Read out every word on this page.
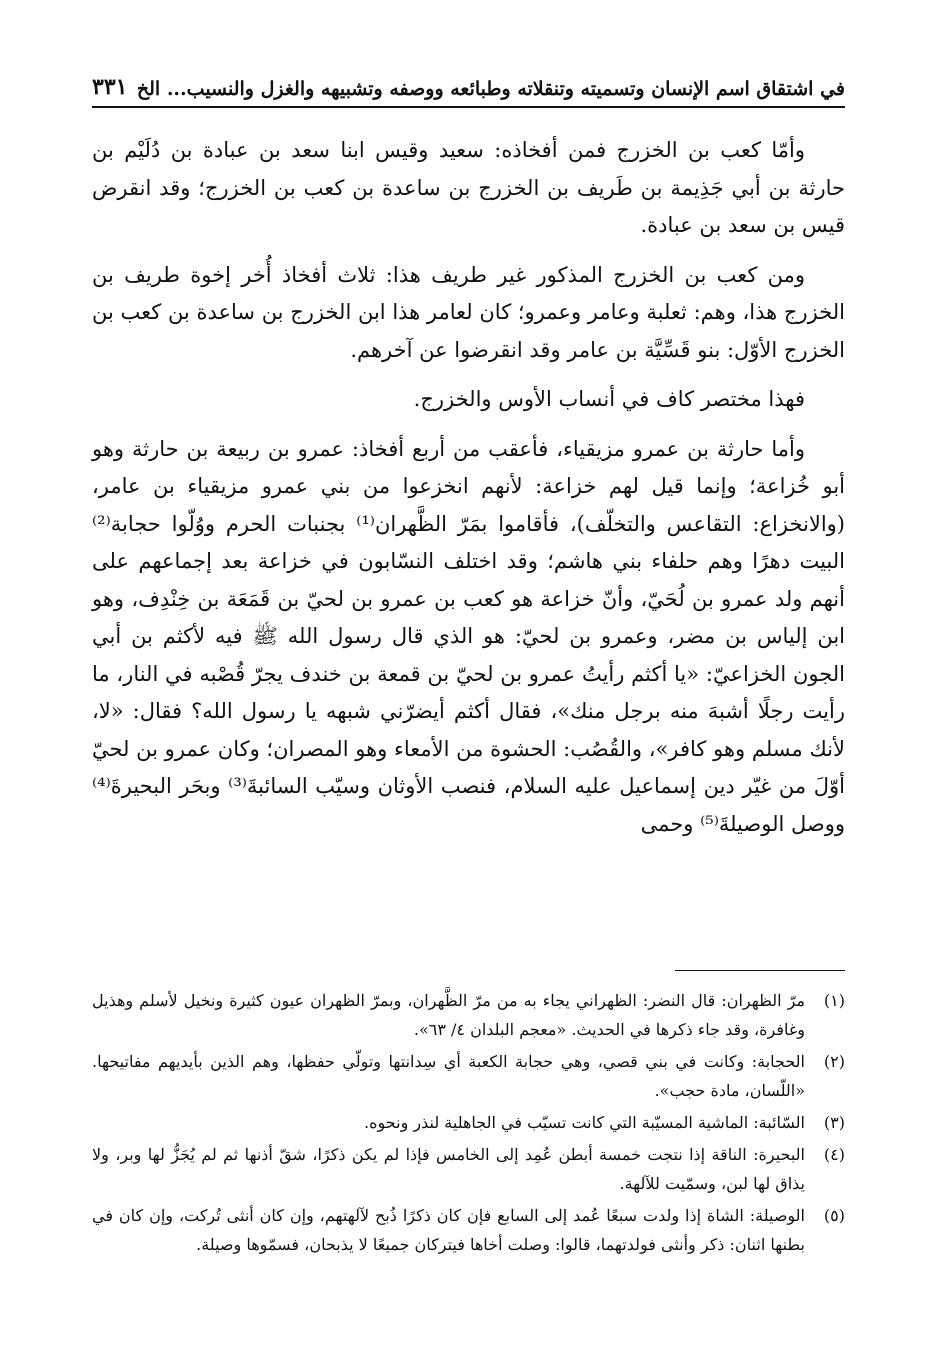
في اشتقاق اسم الإنسان وتسميته وتنقلاته وطبائعه ووصفه وتشبيهه والغزل والنسيب... الخ
٣٣١

وأمّا كعب بن الخزرج فمن أفخاذه: سعيد وقيس ابنا سعد بن عبادة بن دُلَيْم بن حارثة بن أبي جَذِيمة بن طَريف بن الخزرج بن ساعدة بن كعب بن الخزرج؛ وقد انقرض قيس بن سعد بن عبادة.

ومن كعب بن الخزرج المذكور غير طريف هذا: ثلاث أفخاذ أُخر إخوة طريف بن الخزرج هذا، وهم: ثعلبة وعامر وعمرو؛ كان لعامر هذا ابن الخزرج بن ساعدة بن كعب بن الخزرج الأوّل: بنو قَسِّيَّة بن عامر وقد انقرضوا عن آخرهم.

فهذا مختصر كاف في أنساب الأوس والخزرج.

وأما حارثة بن عمرو مزيقياء، فأعقب من أربع أفخاذ: عمرو بن ربيعة بن حارثة وهو أبو خُزاعة؛ وإنما قيل لهم خزاعة: لأنهم انخزعوا من بني عمرو مزيقياء بن عامر، (والانخزاع: التقاعس والتخلّف)، فأقاموا بمَرّ الظَّهران⁽¹⁾ بجنبات الحرم ووُلّوا حجابة⁽²⁾ البيت دهرًا وهم حلفاء بني هاشم؛ وقد اختلف النسّابون في خزاعة بعد إجماعهم على أنهم ولد عمرو بن لُحَيّ، وأنّ خزاعة هو كعب بن عمرو بن لحيّ بن قَمَعَة بن خِنْدِف، وهو ابن إلياس بن مضر، وعمرو بن لحيّ: هو الذي قال رسول الله ﷺ فيه لأكثم بن أبي الجون الخزاعيّ: «يا أكثم رأيتُ عمرو بن لحيّ بن قمعة بن خندف يجرّ قُصْبه في النار، ما رأيت رجلًا أشبهَ منه برجل منك»، فقال أكثم أيضرّني شبهه يا رسول الله؟ فقال: «لا، لأنك مسلم وهو كافر»، والقُصُب: الحشوة من الأمعاء وهو المصران؛ وكان عمرو بن لحيّ أوّلَ من غيّر دين إسماعيل عليه السلام، فنصب الأوثان وسيّب السائبةَ⁽³⁾ وبحَر البحيرةَ⁽⁴⁾ ووصل الوصيلةَ⁽⁵⁾ وحمى

(١)
مرّ الظهران: قال النضر: الظهراني يجاء به من مرّ الظَّهران، وبمرّ الظهران عيون كثيرة ونخيل لأسلم وهذيل وغافرة، وقد جاء ذكرها في الحديث. «معجم البلدان ٤/ ٦٣».
(٢)
الحجابة: وكانت في بني قصي، وهي حجابة الكعبة أي سِدانتها وتولّي حفظها، وهم الذين بأيديهم مفاتيحها. «اللّسان، مادة حجب».
(٣)
السّائبة: الماشية المسيّبة التي كانت تسيّب في الجاهلية لنذر ونحوه.
(٤)
البحيرة: الناقة إذا نتجت خمسة أبطن عُمِد إلى الخامس فإذا لم يكن ذكرًا، شقّ أذنها ثم لم يُجَزُّ لها وبر، ولا يذاق لها لبن، وسمّيت للآلهة.
(٥)
الوصيلة: الشاة إذا ولدت سبعًا عُمد إلى السابع فإن كان ذكرًا ذُبح لآلهتهم، وإن كان أنثى تُركت، وإن كان في بطنها اثنان: ذكر وأنثى فولدتهما، قالوا: وصلت أخاها فيتركان جميعًا لا يذبحان، فسمّوها وصيلة.
